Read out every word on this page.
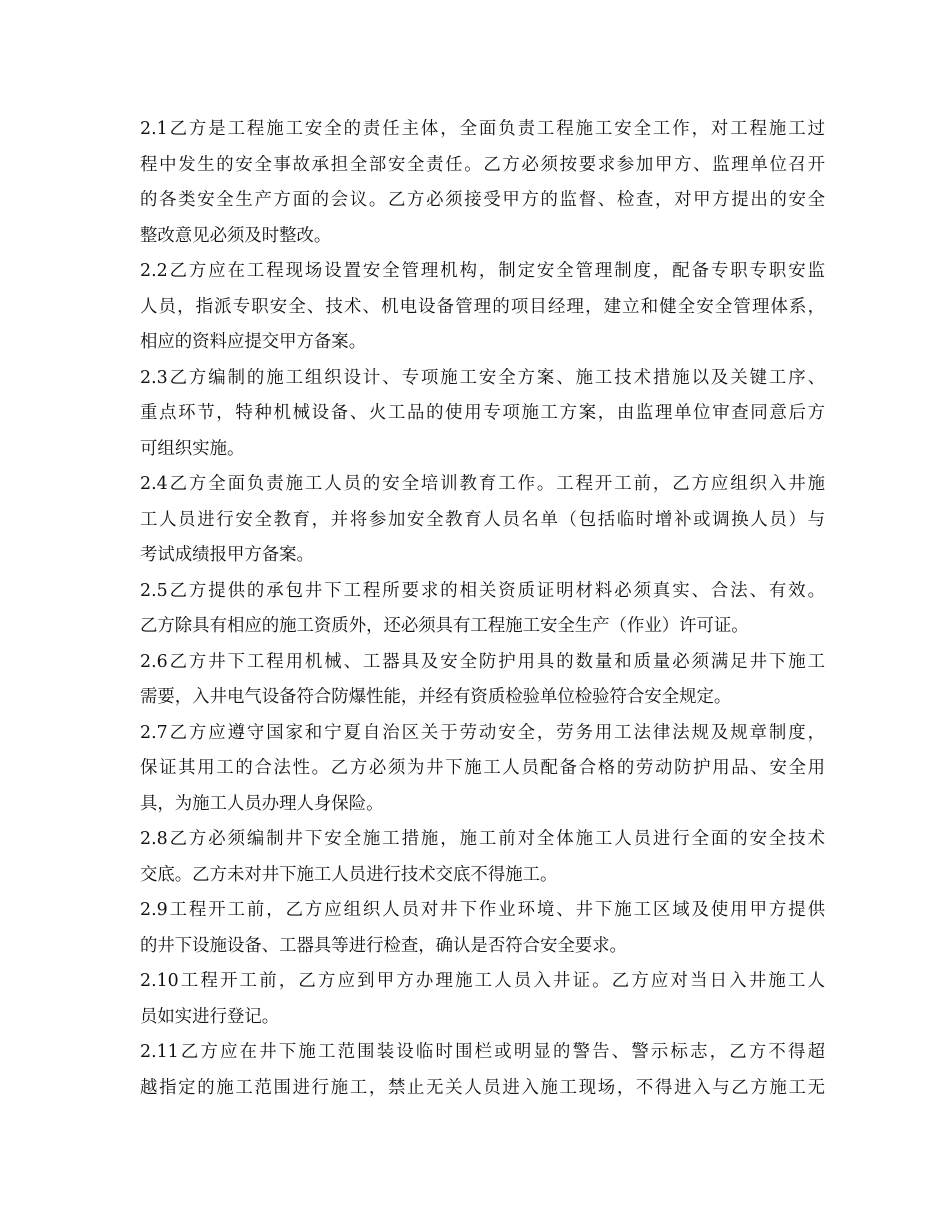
2.1乙方是工程施工安全的责任主体，全面负责工程施工安全工作，对工程施工过
程中发生的安全事故承担全部安全责任。乙方必须按要求参加甲方、监理单位召开
的各类安全生产方面的会议。乙方必须接受甲方的监督、检查，对甲方提出的安全
整改意见必须及时整改。
2.2乙方应在工程现场设置安全管理机构，制定安全管理制度，配备专职专职安监
人员，指派专职安全、技术、机电设备管理的项目经理，建立和健全安全管理体系，
相应的资料应提交甲方备案。
2.3乙方编制的施工组织设计、专项施工安全方案、施工技术措施以及关键工序、
重点环节，特种机械设备、火工品的使用专项施工方案，由监理单位审查同意后方
可组织实施。
2.4乙方全面负责施工人员的安全培训教育工作。工程开工前，乙方应组织入井施
工人员进行安全教育，并将参加安全教育人员名单（包括临时增补或调换人员）与
考试成绩报甲方备案。
2.5乙方提供的承包井下工程所要求的相关资质证明材料必须真实、合法、有效。
乙方除具有相应的施工资质外，还必须具有工程施工安全生产（作业）许可证。
2.6乙方井下工程用机械、工器具及安全防护用具的数量和质量必须满足井下施工
需要，入井电气设备符合防爆性能，并经有资质检验单位检验符合安全规定。
2.7乙方应遵守国家和宁夏自治区关于劳动安全，劳务用工法律法规及规章制度，
保证其用工的合法性。乙方必须为井下施工人员配备合格的劳动防护用品、安全用
具，为施工人员办理人身保险。
2.8乙方必须编制井下安全施工措施，施工前对全体施工人员进行全面的安全技术
交底。乙方未对井下施工人员进行技术交底不得施工。
2.9工程开工前，乙方应组织人员对井下作业环境、井下施工区域及使用甲方提供
的井下设施设备、工器具等进行检查，确认是否符合安全要求。
2.10工程开工前，乙方应到甲方办理施工人员入井证。乙方应对当日入井施工人
员如实进行登记。
2.11乙方应在井下施工范围装设临时围栏或明显的警告、警示标志，乙方不得超
越指定的施工范围进行施工，禁止无关人员进入施工现场，不得进入与乙方施工无
